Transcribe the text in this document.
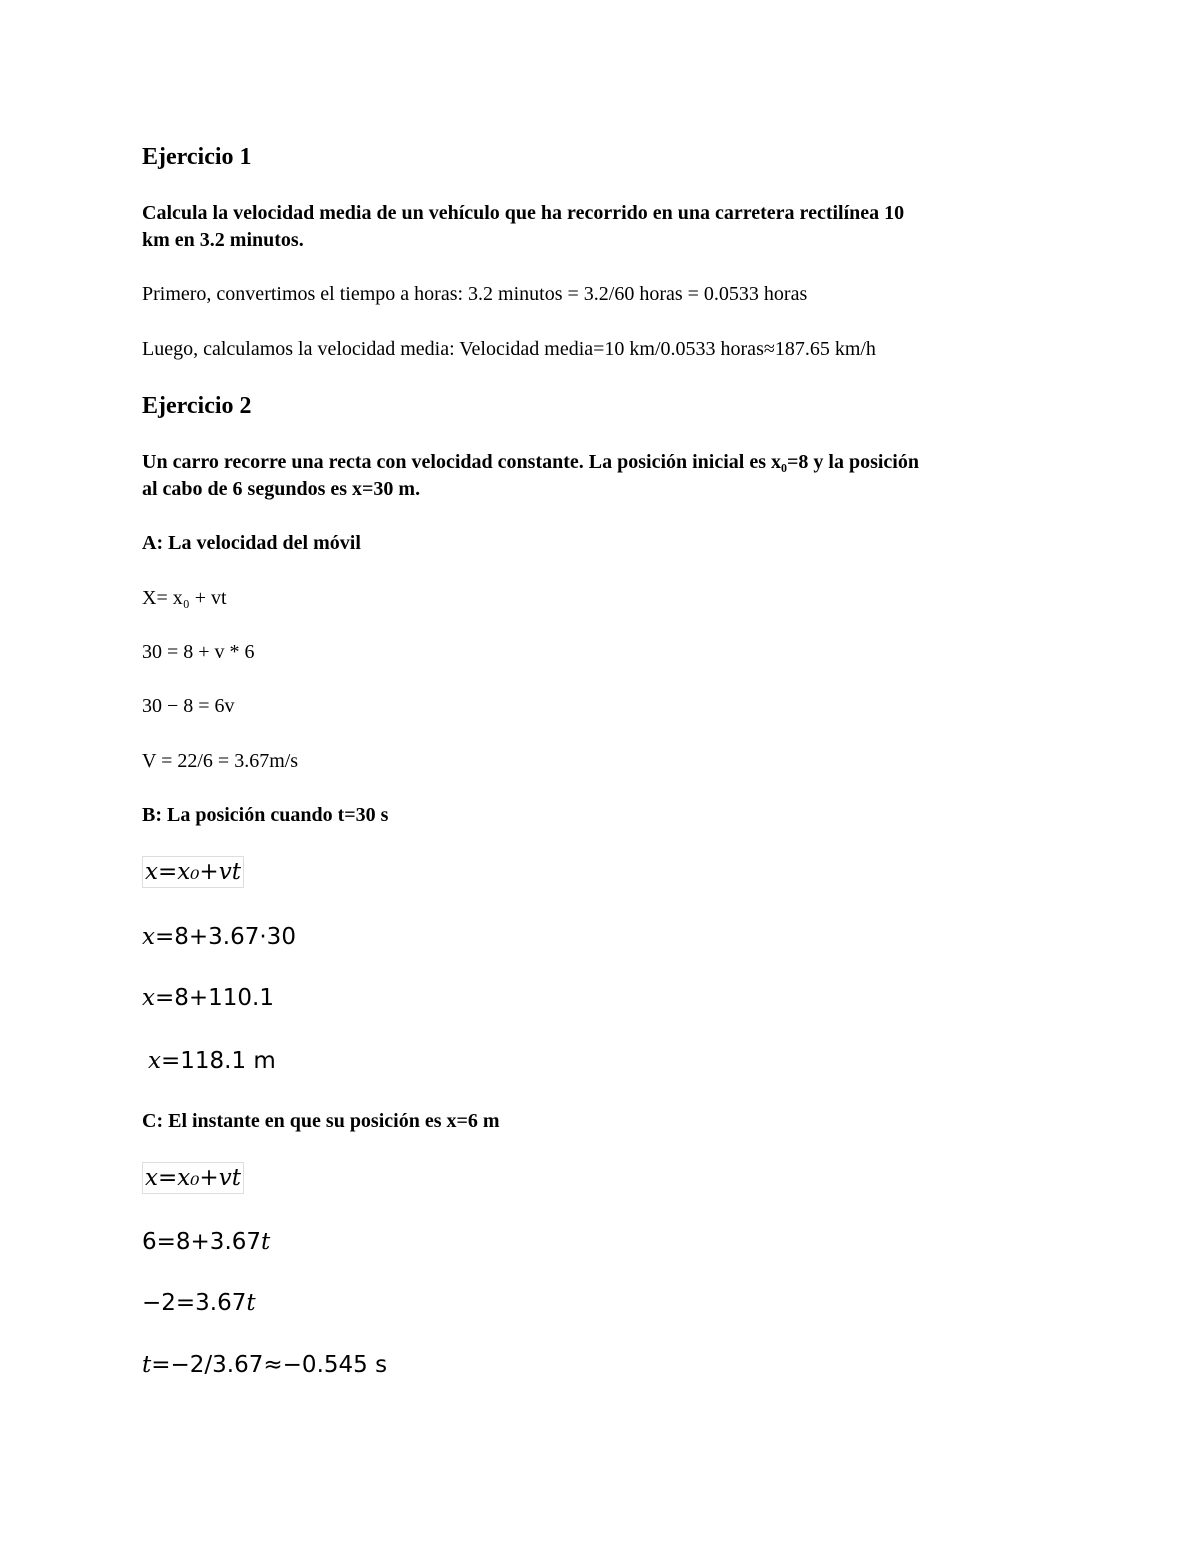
Ejercicio 1

Calcula la velocidad media de un vehículo que ha recorrido en una carretera rectilínea 10

km en 3.2 minutos.

Primero, convertimos el tiempo a horas: 3.2 minutos = 3.2/60 horas = 0.0533 horas

Luego, calculamos la velocidad media: Velocidad media=10 km/0.0533 horas≈187.65 km/h

Ejercicio 2

Un carro recorre una recta con velocidad constante. La posición inicial es x₀=8 y la posición

al cabo de 6 segundos es x=30 m.

A: La velocidad del móvil

X= x₀ + vt

30 = 8 + v * 6

30 − 8 = 6v

V = 22/6 = 3.67m/s

B: La posición cuando t=30 s

x=x₀+vt

x=8+3.67·30

x=8+110.1

x=118.1 m

C: El instante en que su posición es x=6 m

x=x₀+vt

6=8+3.67t

−2=3.67t

t=−2/3.67≈−0.545 s
